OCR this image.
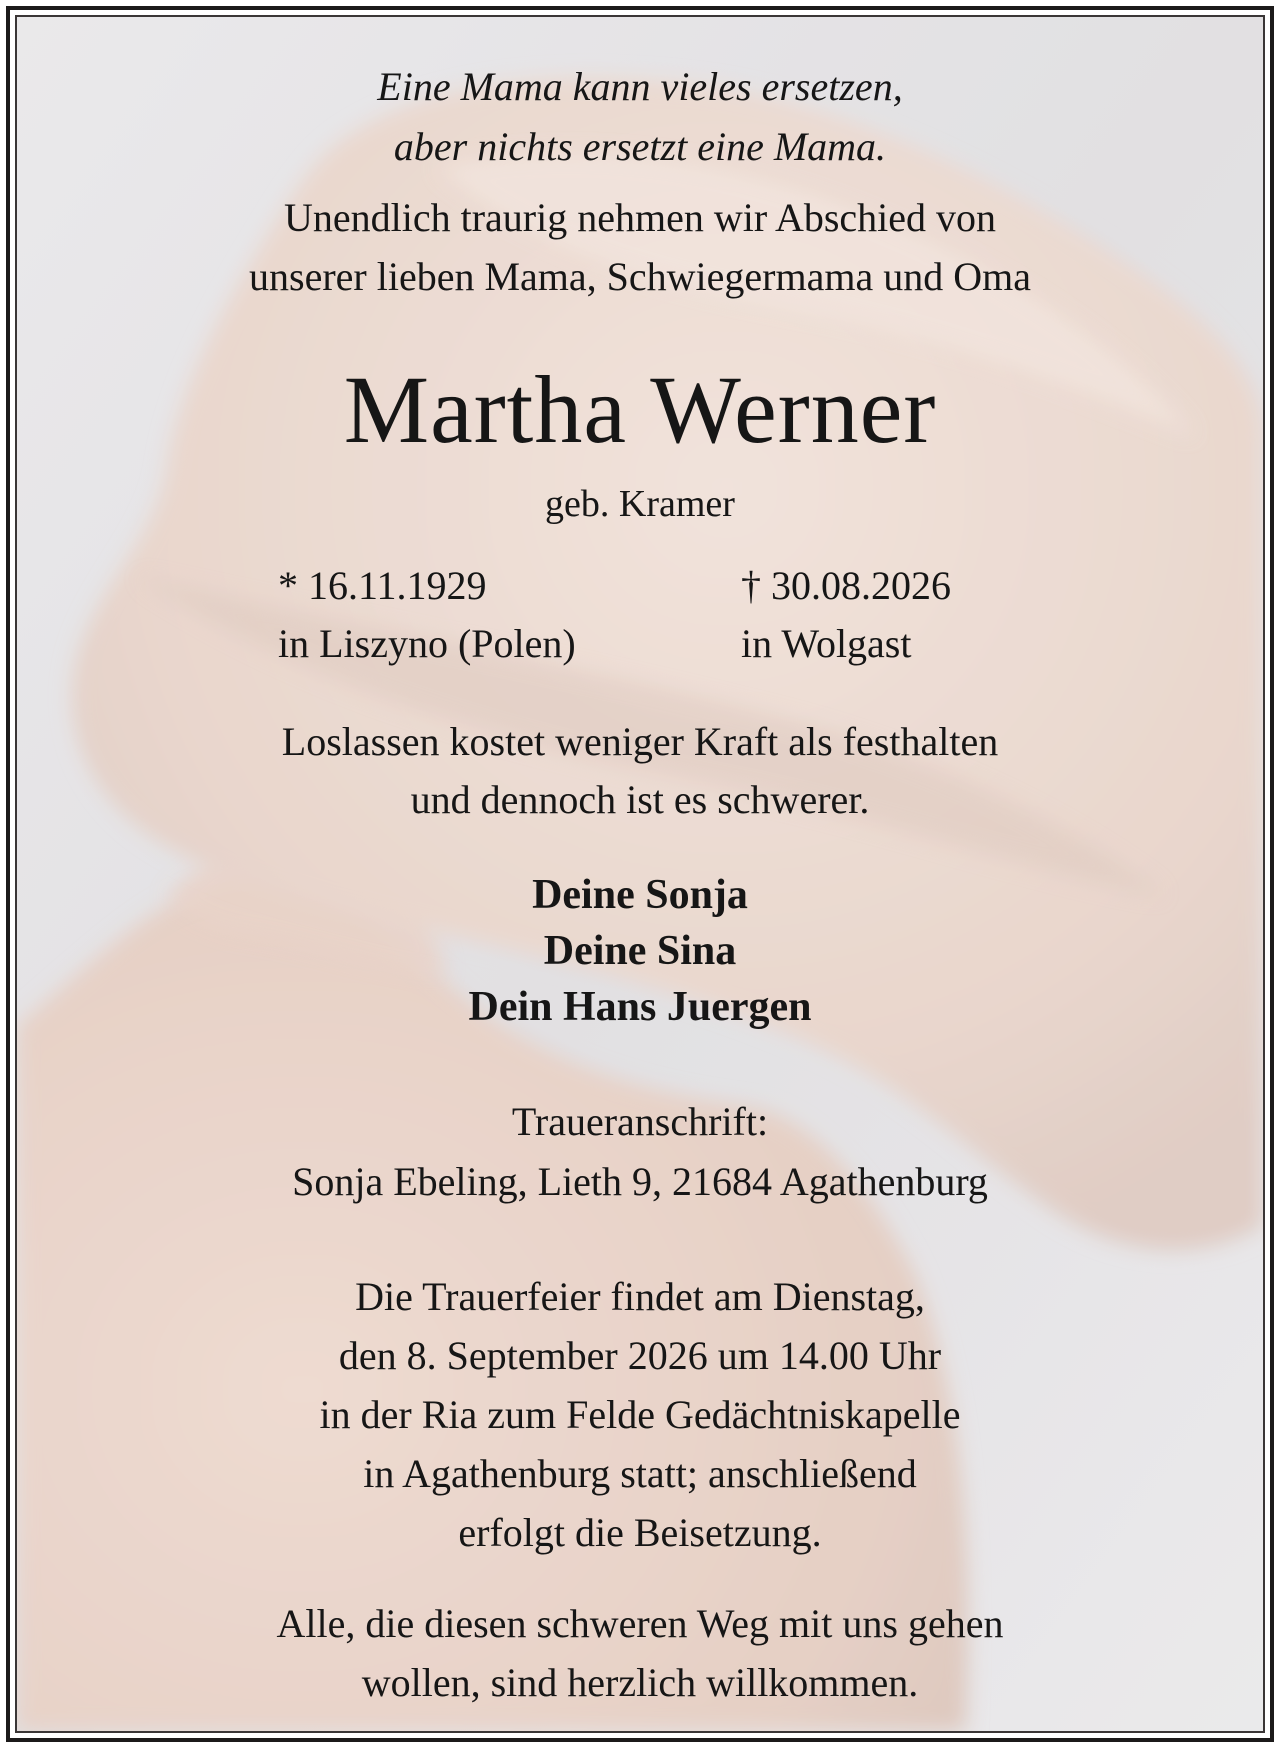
Eine Mama kann vieles ersetzen,
aber nichts ersetzt eine Mama.
Unendlich traurig nehmen wir Abschied von
unserer lieben Mama, Schwiegermama und Oma
Martha Werner
geb. Kramer
* 16.11.1929
in Liszyno (Polen)
† 30.08.2026
in Wolgast
Loslassen kostet weniger Kraft als festhalten
und dennoch ist es schwerer.
Deine Sonja
Deine Sina
Dein Hans Juergen
Traueranschrift:
Sonja Ebeling, Lieth 9, 21684 Agathenburg
Die Trauerfeier findet am Dienstag,
den 8. September 2026 um 14.00 Uhr
in der Ria zum Felde Gedächtniskapelle
in Agathenburg statt; anschließend
erfolgt die Beisetzung.
Alle, die diesen schweren Weg mit uns gehen
wollen, sind herzlich willkommen.
